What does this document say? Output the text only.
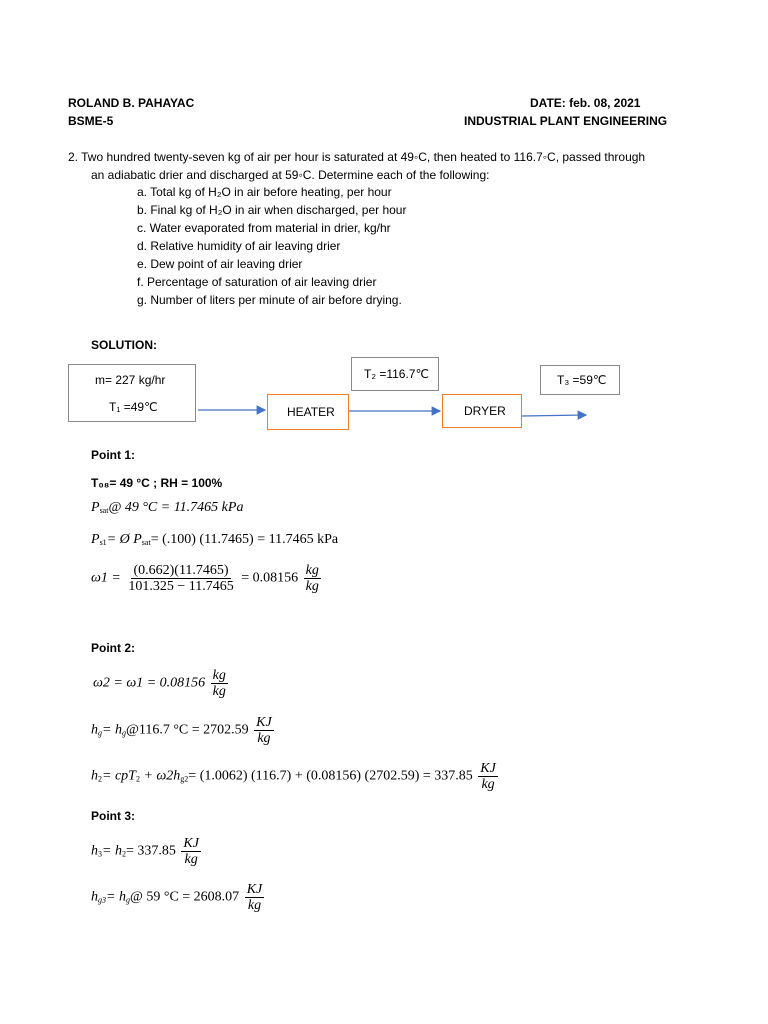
ROLAND B. PAHAYAC
BSME-5
DATE: feb. 08, 2021
INDUSTRIAL PLANT ENGINEERING
2. Two hundred twenty-seven kg of air per hour is saturated at 49◦C, then heated to 116.7◦C, passed through
an adiabatic drier and discharged at 59◦C. Determine each of the following:
a. Total kg of H₂O in air before heating, per hour
b. Final kg of H₂O in air when discharged, per hour
c. Water evaporated from material in drier, kg/hr
d. Relative humidity of air leaving drier
e. Dew point of air leaving drier
f. Percentage of saturation of air leaving drier
g. Number of liters per minute of air before drying.
SOLUTION:
m= 227 kg/hr
T₁ =49℃
T₂ =116.7℃	T₃ =59℃
HEATER	DRYER
Point 1:
T₀₈= 49 °C ; RH = 100%
$P_{sat}@$ 49 °C = 11.7465 kPa
$P_{s1}=$ Ø $P_{sat}= (.100) (11.7465) = 11.7465$ kPa
$\omega 1 = \frac{(0.662)(11.7465)}{101.325 - 11.7465} = 0.08156 \frac{kg}{kg}$
Point 2:
$\omega 2 = \omega 1 = 0.08156 \frac{kg}{kg}$
$h_g=$ $h_g@116.7$ $^\circ C = 2702.59 \frac{KJ}{kg}$
$h_2= cpT_2 + \omega 2h_{g2}= (1.0062) (116.7) + (0.08156) (2702.59) = 337.85 \frac{KJ}{kg}$
Point 3:
$h_3= h_2= 337.85 \frac{KJ}{kg}$
$h_{g3}=$ $h_g@$ 59 $^\circ C = 2608.07 \frac{KJ}{kg}$
